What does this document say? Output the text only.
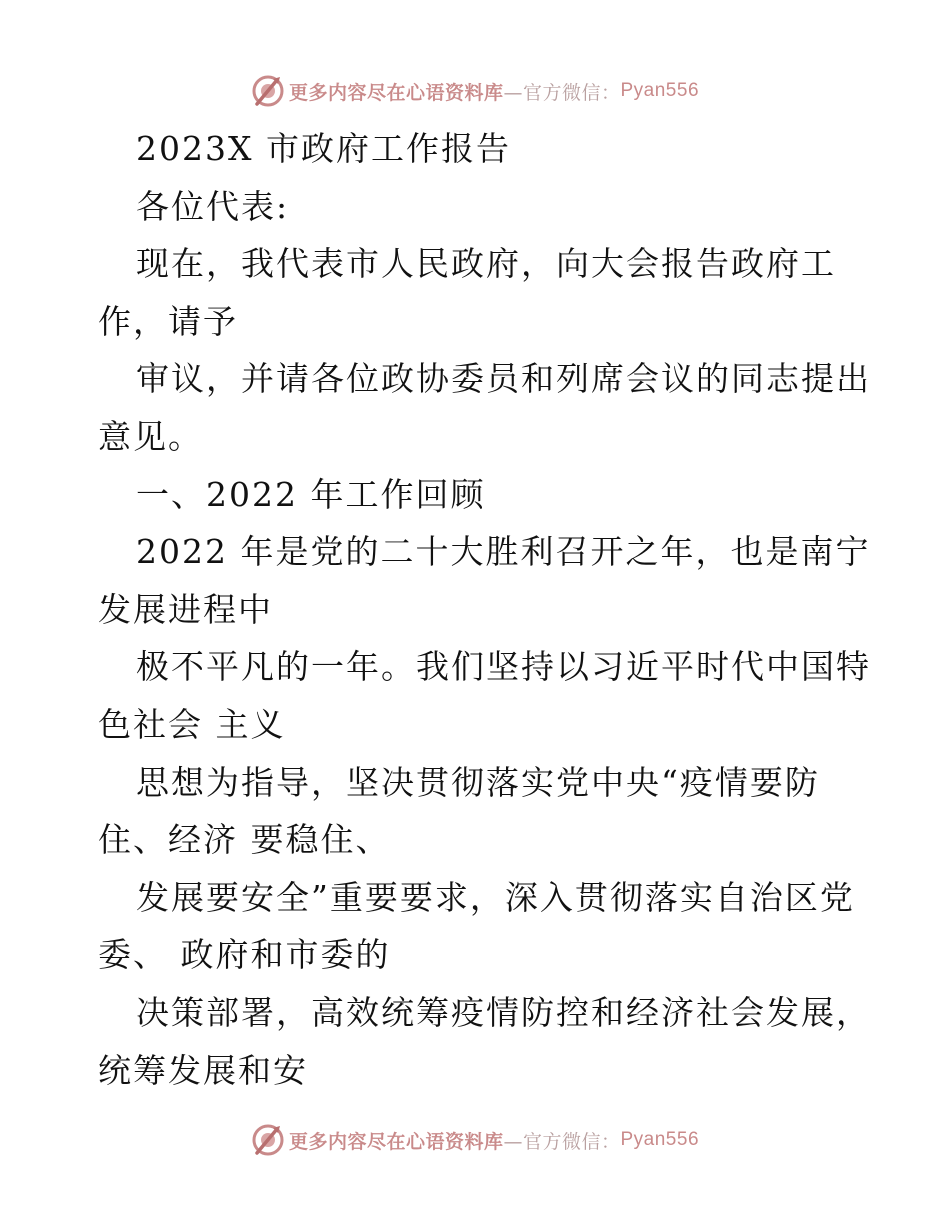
更多内容尽在心语资料库 —官方微信： Pyan556
2023X 市政府工作报告
各位代表:
现在，我代表市人民政府，向大会报告政府工
作，请予
审议，并请各位政协委员和列席会议的同志提出
意见。
一、2022 年工作回顾
2022 年是党的二十大胜利召开之年，也是南宁
发展进程中
极不平凡的一年。我们坚持以习近平时代中国特
色社会 主义
思想为指导，坚决贯彻落实党中央“疫情要防
住、经济 要稳住、
发展要安全”重要要求，深入贯彻落实自治区党
委、 政府和市委的
决策部署，高效统筹疫情防控和经济社会发展，
统筹发展和安
更多内容尽在心语资料库 —官方微信： Pyan556
